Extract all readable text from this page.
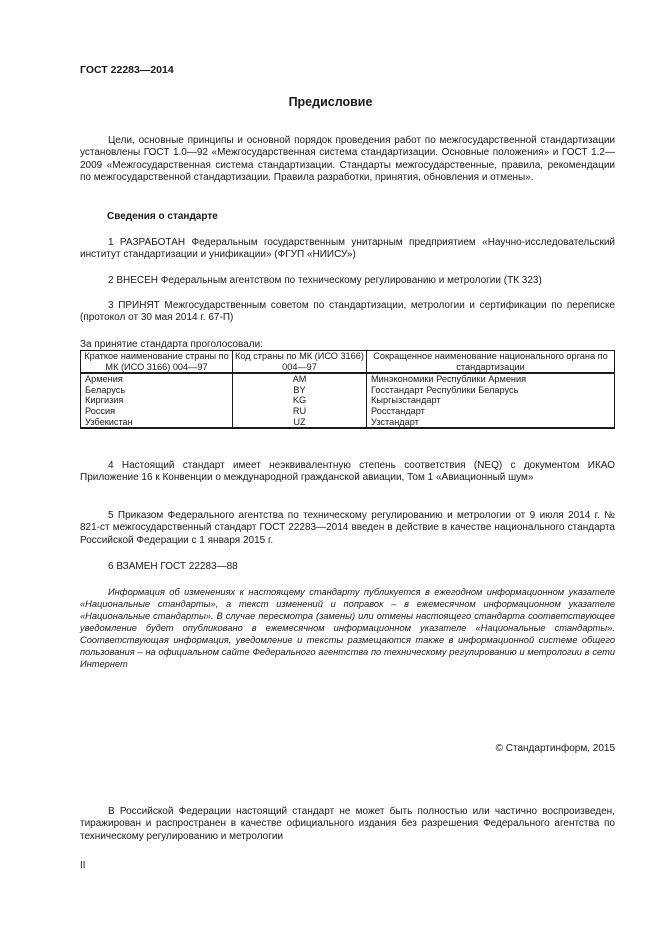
ГОСТ 22283—2014
Предисловие
Цели, основные принципы и основной порядок проведения работ по межгосударственной стандартизации установлены ГОСТ 1.0—92 «Межгосударственная система стандартизации. Основные положения» и ГОСТ 1.2—2009 «Межгосударственная система стандартизации. Стандарты межгосударственные, правила, рекомендации по межгосударственной стандартизации. Правила разработки, принятия, обновления и отмены».
Сведения о стандарте
1 РАЗРАБОТАН Федеральным государственным унитарным предприятием «Научно-исследовательский институт стандартизации и унификации» (ФГУП «НИИСУ»)
2 ВНЕСЕН Федеральным агентством по техническому регулированию и метрологии (ТК 323)
3 ПРИНЯТ Межгосударственным советом по стандартизации, метрологии и сертификации по переписке (протокол от 30 мая 2014 г. 67-П)
За принятие стандарта проголосовали:
Краткое наименование страны по МК (ИСО 3166) 004—97	Код страны по МК (ИСО 3166) 004—97	Сокращенное наименование национального органа по стандартизации
Армения	AM	Минэкономики Республики Армения
Беларусь	BY	Госстандарт Республики Беларусь
Киргизия	KG	Кыргызстандарт
Россия	RU	Росстандарт
Узбекистан	UZ	Узстандарт
4 Настоящий стандарт имеет неэквивалентную степень соответствия (NEQ) с документом ИКАО Приложение 16 к Конвенции о международной гражданской авиации, Том 1 «Авиационный шум»
5 Приказом Федерального агентства по техническому регулированию и метрологии от 9 июля 2014 г. № 821-ст межгосударственный стандарт ГОСТ 22283—2014 введен в действие в качестве национального стандарта Российской Федерации с 1 января 2015 г.
6 ВЗАМЕН ГОСТ 22283—88
Информация об изменениях к настоящему стандарту публикуется в ежегодном информационном указателе «Национальные стандарты», а текст изменений и поправок – в ежемесячном информационном указателе «Национальные стандарты». В случае пересмотра (замены) или отмены настоящего стандарта соответствующее уведомление будет опубликовано в ежемесячном информационном указателе «Национальные стандарты». Соответствующая информация, уведомление и тексты размещаются также в информационной системе общего пользования – на официальном сайте Федерального агентства по техническому регулированию и метрологии в сети Интернет
© Стандартинформ, 2015
В Российской Федерации настоящий стандарт не может быть полностью или частично воспроизведен, тиражирован и распространен в качестве официального издания без разрешения Федерального агентства по техническому регулированию и метрологии
II
